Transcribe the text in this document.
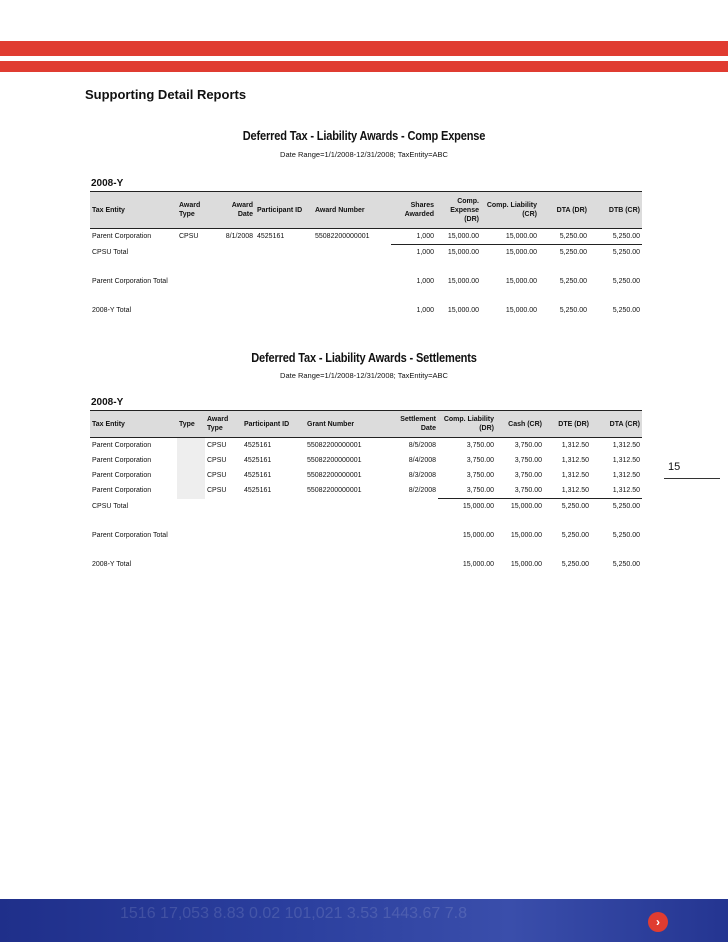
Supporting Detail Reports
Deferred Tax - Liability Awards - Comp Expense
Date Range=1/1/2008-12/31/2008; TaxEntity=ABC
2008-Y
Tax Entity	Award Type	Award Date	Participant ID	Award Number	Shares Awarded	Comp. Expense (DR)	Comp. Liability (CR)	DTA (DR)	DTB (CR)
Parent Corporation	CPSU	8/1/2008	4525161	55082200000001	1,000	15,000.00	15,000.00	5,250.00	5,250.00
CPSU Total					1,000	15,000.00	15,000.00	5,250.00	5,250.00

Parent Corporation Total					1,000	15,000.00	15,000.00	5,250.00	5,250.00

2008-Y Total					1,000	15,000.00	15,000.00	5,250.00	5,250.00
Deferred Tax - Liability Awards - Settlements
Date Range=1/1/2008-12/31/2008; TaxEntity=ABC
2008-Y
Tax Entity	Type	Award Type	Participant ID	Grant Number	Settlement Date	Comp. Liability (DR)	Cash (CR)	DTE (DR)	DTA (CR)
Parent Corporation		CPSU	4525161	55082200000001	8/5/2008	3,750.00	3,750.00	1,312.50	1,312.50
Parent Corporation		CPSU	4525161	55082200000001	8/4/2008	3,750.00	3,750.00	1,312.50	1,312.50
Parent Corporation		CPSU	4525161	55082200000001	8/3/2008	3,750.00	3,750.00	1,312.50	1,312.50
Parent Corporation		CPSU	4525161	55082200000001	8/2/2008	3,750.00	3,750.00	1,312.50	1,312.50
CPSU Total						15,000.00	15,000.00	5,250.00	5,250.00

Parent Corporation Total						15,000.00	15,000.00	5,250.00	5,250.00

2008-Y Total						15,000.00	15,000.00	5,250.00	5,250.00
15
1516 17,053 8.83 0.02 101,021 3.53 1443.67 7.8	›
